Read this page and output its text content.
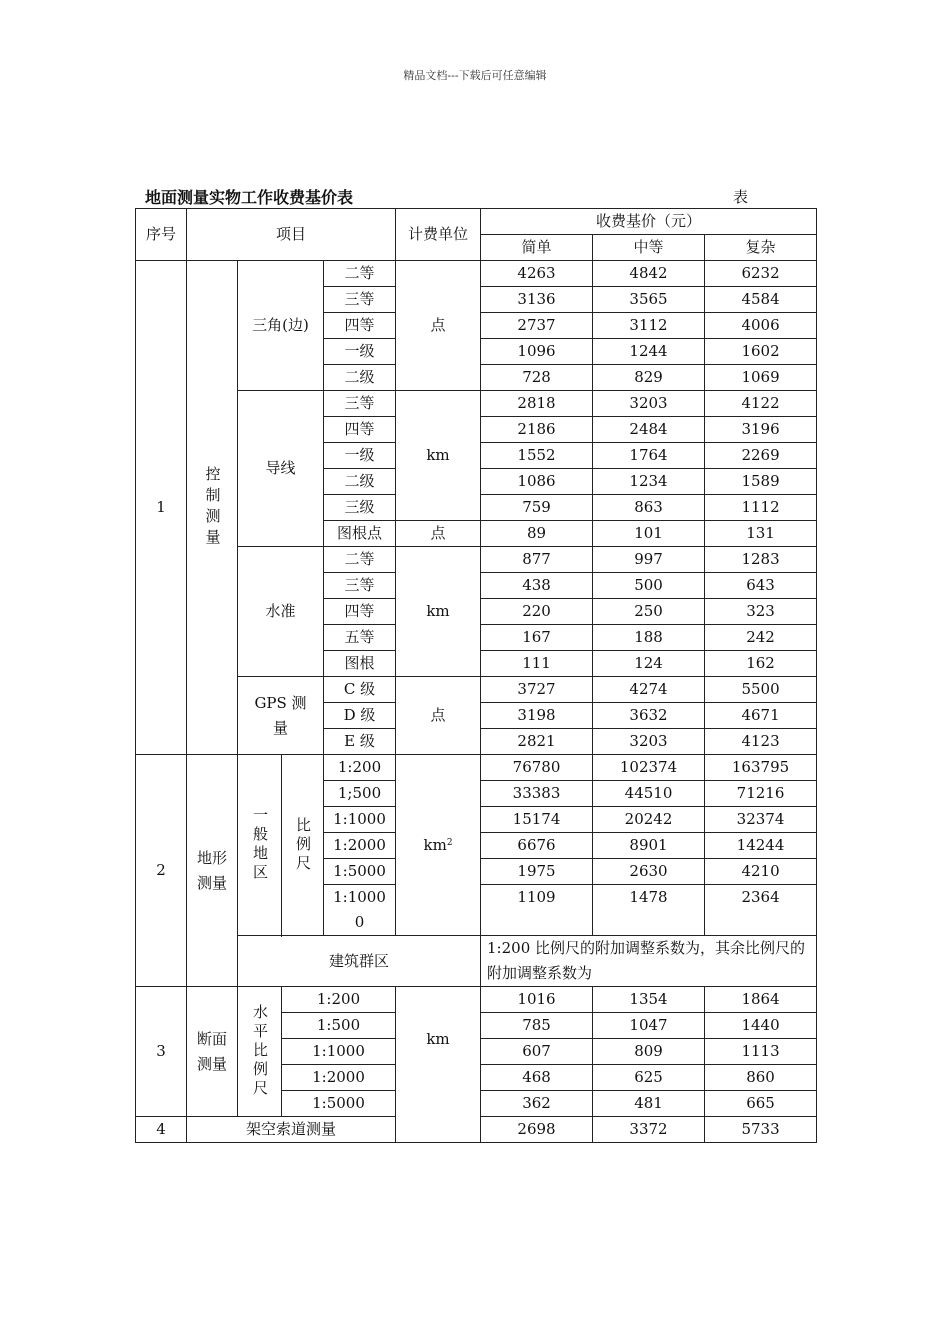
精品文档---下载后可任意编辑
地面测量实物工作收费基价表	表
序号	项目				计费单位	收费基价（元）		
						简单	中等	复杂
1	控制测量	三角(边)		二等	点	4263	4842	6232
				三等		3136	3565	4584
				四等		2737	3112	4006
				一级		1096	1244	1602
				二级		728	829	1069
		导线		三等	km	2818	3203	4122
				四等		2186	2484	3196
				一级		1552	1764	2269
				二级		1086	1234	1589
				三级		759	863	1112
				图根点	点	89	101	131
		水准		二等	km	877	997	1283
				三等		438	500	643
				四等		220	250	323
				五等		167	188	242
				图根		111	124	162
		GPS 测量		C 级	点	3727	4274	5500
				D 级		3198	3632	4671
				E 级		2821	3203	4123
2	地形测量	一般地区	比例尺	1:200	$km^2$	76780	102374	163795
				1;500		33383	44510	71216
				1:1000		15174	20242	32374
				1:2000		6676	8901	14244
				1:5000		1975	2630	4210
				1:10000		1109	1478	2364

		建筑群区				1:200 比例尺的附加调整系数为，其余比例尺的附加调整系数为		
3	断面测量	水平比例尺	1:200		km	1016	1354	1864
			1:500			785	1047	1440
			1:1000			607	809	1113
			1:2000			468	625	860
			1:5000			362	481	665
4	架空索道测量					2698	3372	5733
